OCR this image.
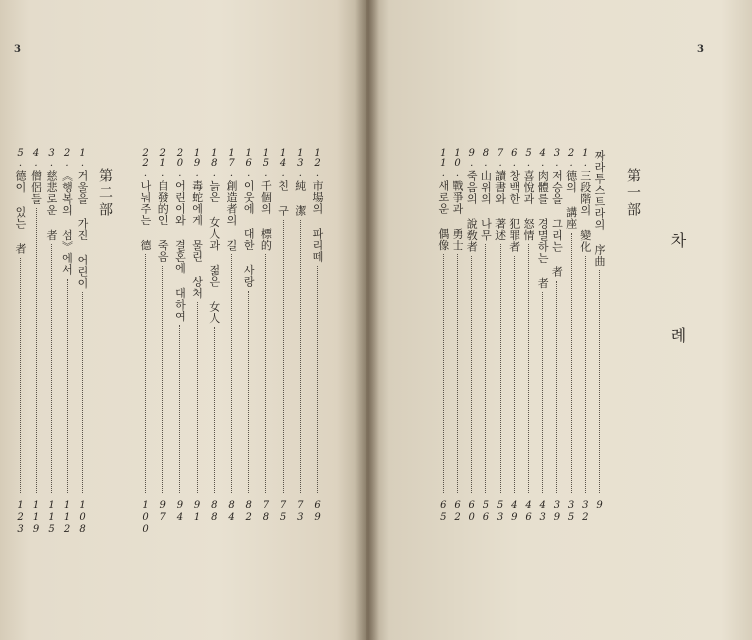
3
第二部
3
차 례
第一部
짜라투스트라의 序曲
9
1.
三段階의 變化
32
2.
德의 講座
35
3.
저승을 그리는 者
39
4.
肉體를 경멸하는 者
43
5.
喜悅과 怒情
46
6.
창백한 犯罪者
49
7.
讀書와 著述
53
8.
山위의 나무
56
9.
죽음의 說敎者
60
10.
戰爭과 勇士
62
11.
새로운 偶像
65
12.
市場의 파리떼
69
13.
純 潔
73
14.
친 구
75
15.
千個의 標的
78
16.
이웃에 대한 사랑
82
17.
創造者의 길
84
18.
늙은 女人과 젊은 女人
88
19.
毒蛇에게 물린 상처
91
20.
어린이와 결혼에 대하여
94
21.
自發的인 죽음
97
22.
나눠주는 德
100
1.
거울을 가진 어린이
108
2.
《행복의 섬》에서
112
3.
慈悲로운 者
115
4.
僧侶들
119
5.
德이 있는 者
123
